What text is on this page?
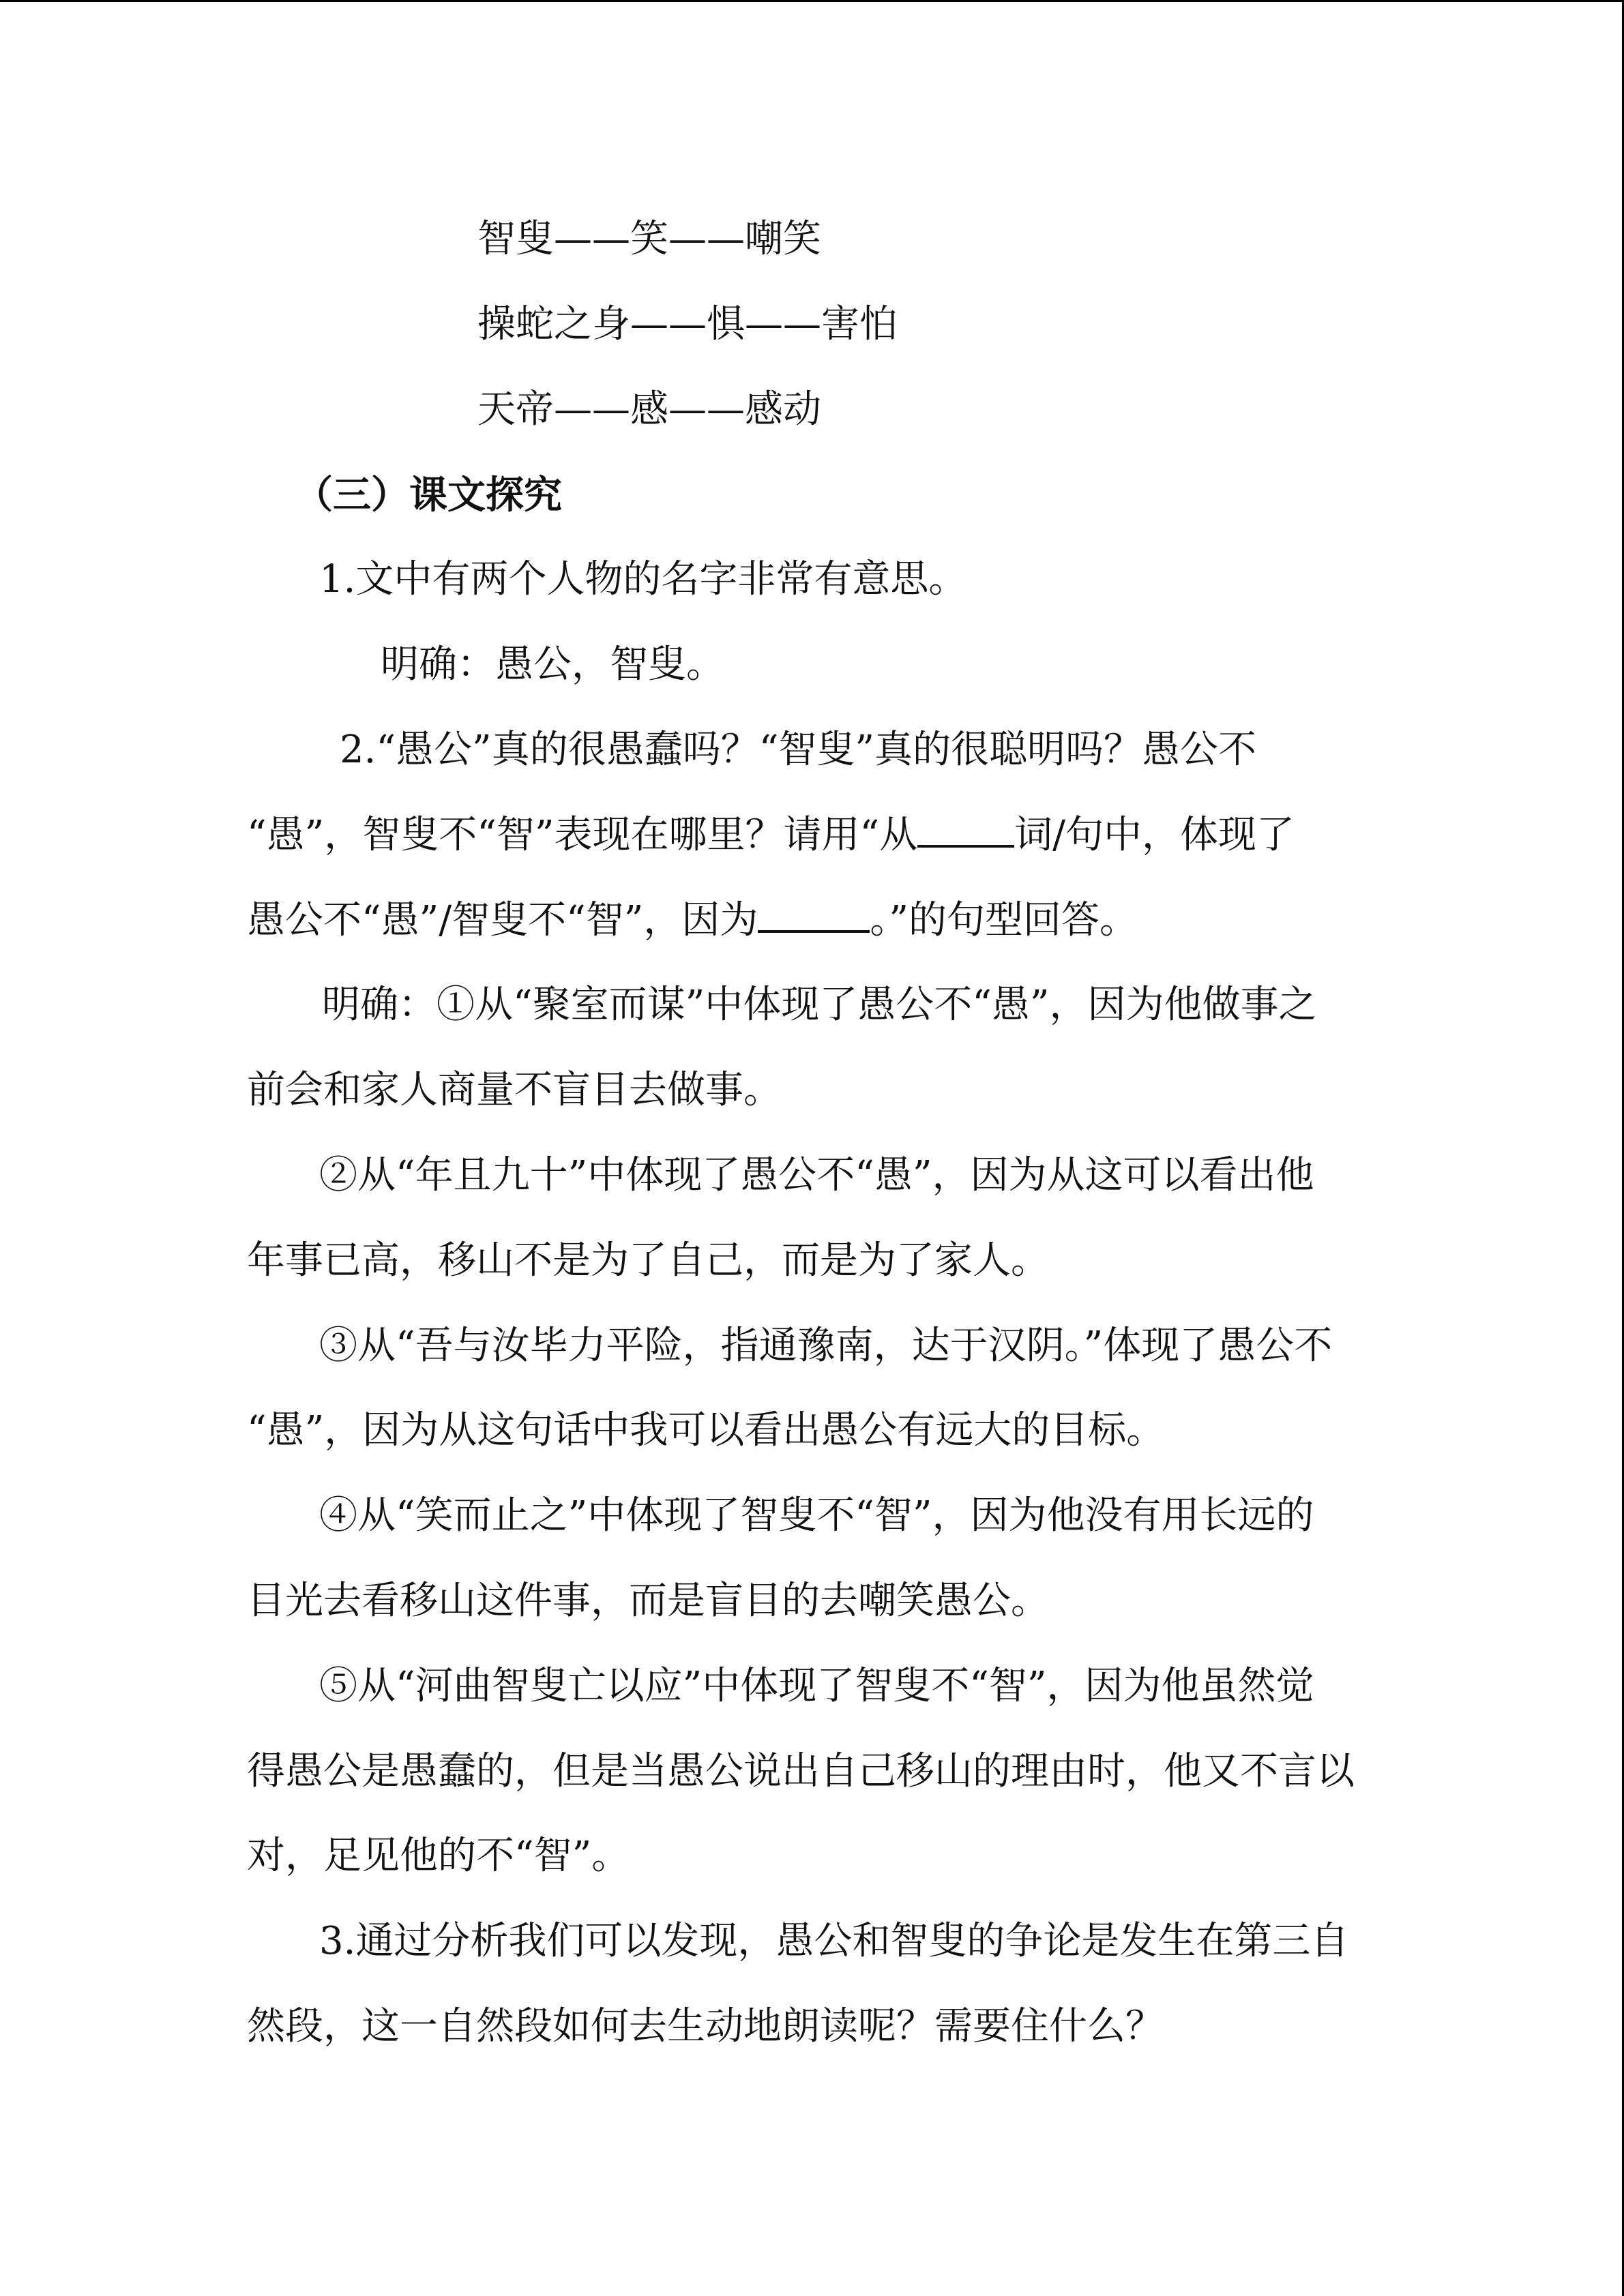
智叟——笑——嘲笑
操蛇之身——惧——害怕
天帝——感——感动
（三）课文探究
1.文中有两个人物的名字非常有意思。
明确：愚公，智叟。
2.“愚公”真的很愚蠢吗？“智叟”真的很聪明吗？愚公不
“愚”，智叟不“智”表现在哪里？请用“从	词/句中，体现了
愚公不“愚”/智叟不“智”，因为	。”的句型回答。
明确：①从“聚室而谋”中体现了愚公不“愚”，因为他做事之
前会和家人商量不盲目去做事。
②从“年且九十”中体现了愚公不“愚”，因为从这可以看出他
年事已高，移山不是为了自己，而是为了家人。
③从“吾与汝毕力平险，指通豫南，达于汉阴。”体现了愚公不
“愚”，因为从这句话中我可以看出愚公有远大的目标。
④从“笑而止之”中体现了智叟不“智”，因为他没有用长远的
目光去看移山这件事，而是盲目的去嘲笑愚公。
⑤从“河曲智叟亡以应”中体现了智叟不“智”，因为他虽然觉
得愚公是愚蠢的，但是当愚公说出自己移山的理由时，他又不言以
对，足见他的不“智”。
3.通过分析我们可以发现，愚公和智叟的争论是发生在第三自
然段，这一自然段如何去生动地朗读呢？需要住什么？
